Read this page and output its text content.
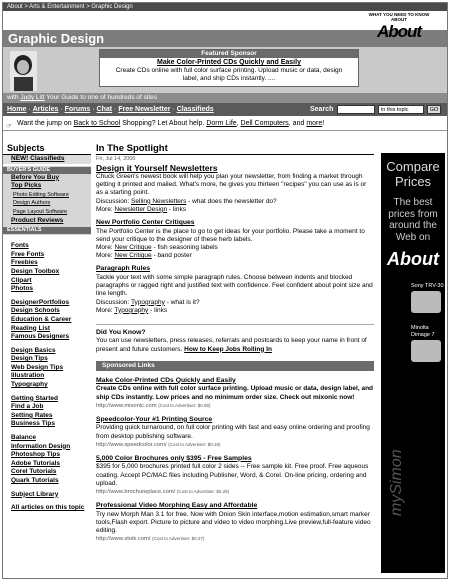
About > Arts & Entertainment > Graphic Design
Graphic Design
WHAT YOU NEED TO KNOW ABOUT
About
Featured Sponsor
Make Color-Printed CDs Quickly and Easily
Create CDs online with full color surface printing. Upload music or data, design label, and ship CDs instantly. ....
with Judy Litt Your Guide to one of hundreds of sites
Home · Articles · Forums · Chat · Free Newsletter · Classifieds	Search	in this topic	GO
☞ Want the jump on Back to School Shopping? Let About help. Dorm Life, Dell Computers, and more!
Subjects
NEW! Classifieds
BUYER'S GUIDE
Before You Buy
Top Picks
Photo Editing Software
Design Authors
Page Layout Software
Product Reviews
ESSENTIALS
Fonts
Free Fonts
Freebies
Design Toolbox
Clipart
Photos
DesignerPortfolios
Design Schools
Education & Career
Reading List
Famous Designers
Design Basics
Design Tips
Web Design Tips
Illustration
Typography
Getting Started
Find a Job
Setting Rates
Business Tips
Balance
Information Design
Photoshop Tips
Adobe Tutorials
Corel Tutorials
Quark Tutorials
Subject Library
All articles on this topic
In The Spotlight
Fri, Jul 14, 2000
Design it Yourself Newsletters

Chuck Green's newest book will help you plan your newsletter, from finding a market through getting it printed and mailed. What's more, he gives you thirteen "recipes" you can use as is or as a starting point.

Discussion: Selling Newsletters - what does the newsletter do?

More: Newsletter Design - links

New Portfolio Center Critiques

The Portfolio Center is the place to go to get ideas for your portfolio. Please take a moment to send your critique to the designer of these herb labels.

More: New Critique - fish seasoning labels

More: New Critique - band poster

Paragraph Rules

Tackle your text with some simple paragraph rules. Choose between indents and blocked paragraphs or ragged right and justified text with confidence. Feel confident about point size and line length.

Discussion: Typography - what is it?

More: Typography - links

Did You Know?

You can use newsletters, press releases, referrals and postcards to keep your name in front of present and future customers. How to Keep Jobs Rolling In

Sponsored Links
Make Color-Printed CDs Quickly and Easily
Create CDs online with full color surface printing. Upload music or data, design label, and ship CDs instantly. Low prices and no minimum order size. Check out mixonic now!
http://www.mixonic.com (Cost to Advertiser: $0.99)
Speedcolor-Your #1 Printing Source
Providing quick turnaround, on full color printing with fast and easy online ordering and proofing from desktop publishing software.
http://www.speedcolor.com/ (Cost to Advertiser: $0.28)
5,000 Color Brochures only $395 - Free Samples
$395 for 5,000 brochures printed full color 2 sides -- Free sample kit. Free proof. Free aqueous coating. Accept PC/MAC files including Publisher, Word, & Corel. On-line pricing, ordering and upload.
http://www.brochureplace.com/ (Cost to Advertiser: $0.28)
Professional Video Morphing Easy and Affordable
Try new Morph Man 3.1 for free. Now with Onion Skin interface,motion estimation,smart marker tools,Flash export. Picture to picture and video to video morphing.Live preview,full-feature video editing.
http://www.stoik.com/ (Cost to Advertiser: $0.27)
Compare
Prices
The best prices from around the Web on
About
Sony TRV-30
Minolta Dimage 7
mySimon
